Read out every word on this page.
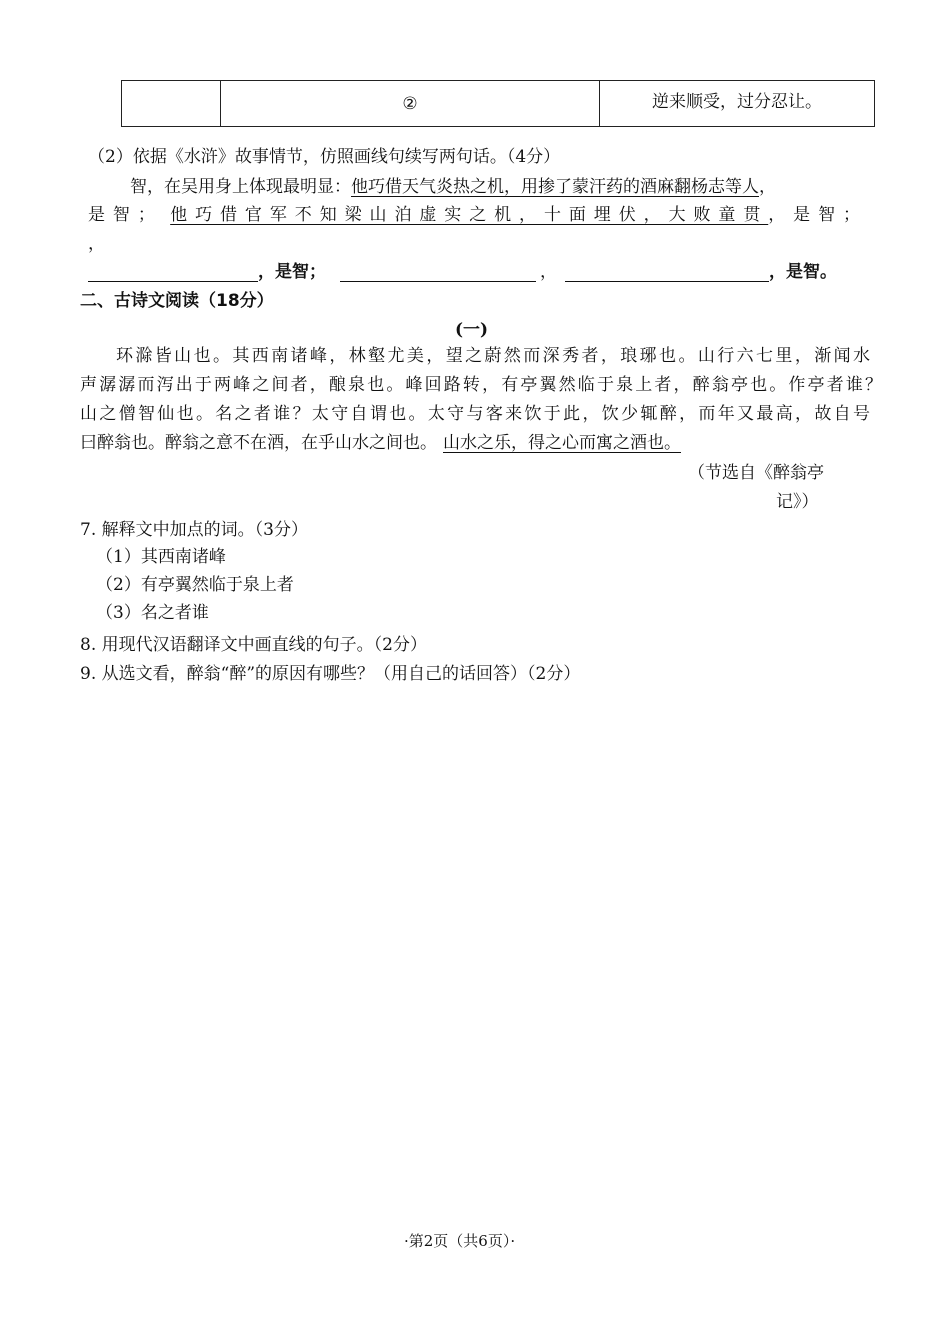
	②	逆来顺受，过分忍让。
（2）依据《水浒》故事情节，仿照画线句续写两句话。（4分）
智，在吴用身上体现最明显：他巧借天气炎热之机，用掺了蒙汗药的酒麻翻杨志等人，
是智； 他巧借官军不知梁山泊虚实之机，十面埋伏，大败童贯，是智；
，
，是智；	，	，是智。
二、古诗文阅读（18分）
(一)
环滁皆山也。其西南诸峰，林壑尤美，望之蔚然而深秀者，琅琊也。山行六七里，渐闻水
声潺潺而泻出于两峰之间者，酿泉也。峰回路转，有亭翼然临于泉上者，醉翁亭也。作亭者谁？
山之僧智仙也。名之者谁？太守自谓也。太守与客来饮于此，饮少辄醉，而年又最高，故自号
曰醉翁也。醉翁之意不在酒，在乎山水之间也。 山水之乐，得之心而寓之酒也。
（节选自《醉翁亭
记》）
7. 解释文中加点的词。（3分）
（1）其西南诸峰
（2）有亭翼然临于泉上者
（3）名之者谁
8. 用现代汉语翻译文中画直线的句子。（2分）
9. 从选文看，醉翁“醉”的原因有哪些？（用自己的话回答）（2分）
·第2页（共6页）·
